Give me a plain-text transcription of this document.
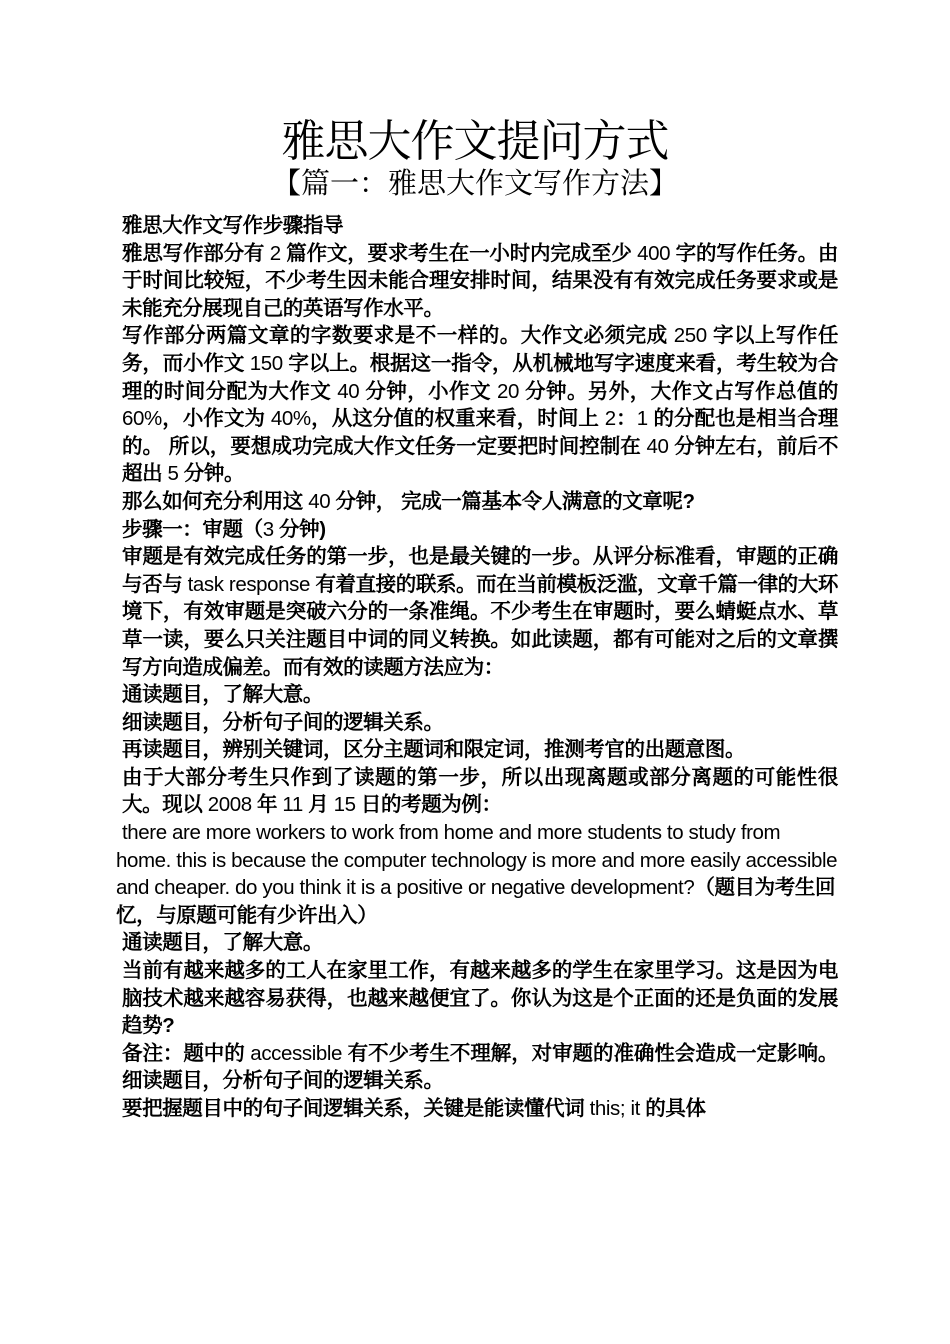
雅思大作文提问方式
【篇一：雅思大作文写作方法】

雅思大作文写作步骤指导

雅思写作部分有 2 篇作文，要求考生在一小时内完成至少 400 字的写作任务。由于时间比较短，不少考生因未能合理安排时间，结果没有有效完成任务要求或是未能充分展现自己的英语写作水平。

写作部分两篇文章的字数要求是不一样的。大作文必须完成 250 字以上写作任务，而小作文 150 字以上。根据这一指令，从机械地写字速度来看，考生较为合理的时间分配为大作文 40 分钟，小作文 20 分钟。另外，大作文占写作总值的 60%，小作文为 40%，从这分值的权重来看，时间上 2：1 的分配也是相当合理的。 所以，要想成功完成大作文任务一定要把时间控制在 40 分钟左右，前后不超出 5 分钟。

那么如何充分利用这 40 分钟， 完成一篇基本令人满意的文章呢?

步骤一：审题（3 分钟)

审题是有效完成任务的第一步，也是最关键的一步。从评分标准看，审题的正确与否与 task response 有着直接的联系。而在当前模板泛滥，文章千篇一律的大环境下，有效审题是突破六分的一条准绳。不少考生在审题时，要么蜻蜓点水、草草一读，要么只关注题目中词的同义转换。如此读题，都有可能对之后的文章撰写方向造成偏差。而有效的读题方法应为：

通读题目，了解大意。

细读题目，分析句子间的逻辑关系。

再读题目，辨别关键词，区分主题词和限定词，推测考官的出题意图。

由于大部分考生只作到了读题的第一步，所以出现离题或部分离题的可能性很大。现以 2008 年 11 月 15 日的考题为例：

there are more workers to work from home and more students to study from home. this is because the computer technology is more and more easily accessible and cheaper. do you think it is a positive or negative development?（题目为考生回忆，与原题可能有少许出入）

通读题目，了解大意。

当前有越来越多的工人在家里工作，有越来越多的学生在家里学习。这是因为电脑技术越来越容易获得，也越来越便宜了。你认为这是个正面的还是负面的发展趋势?

备注：题中的 accessible 有不少考生不理解，对审题的准确性会造成一定影响。 细读题目，分析句子间的逻辑关系。

要把握题目中的句子间逻辑关系，关键是能读懂代词 this; it 的具体
